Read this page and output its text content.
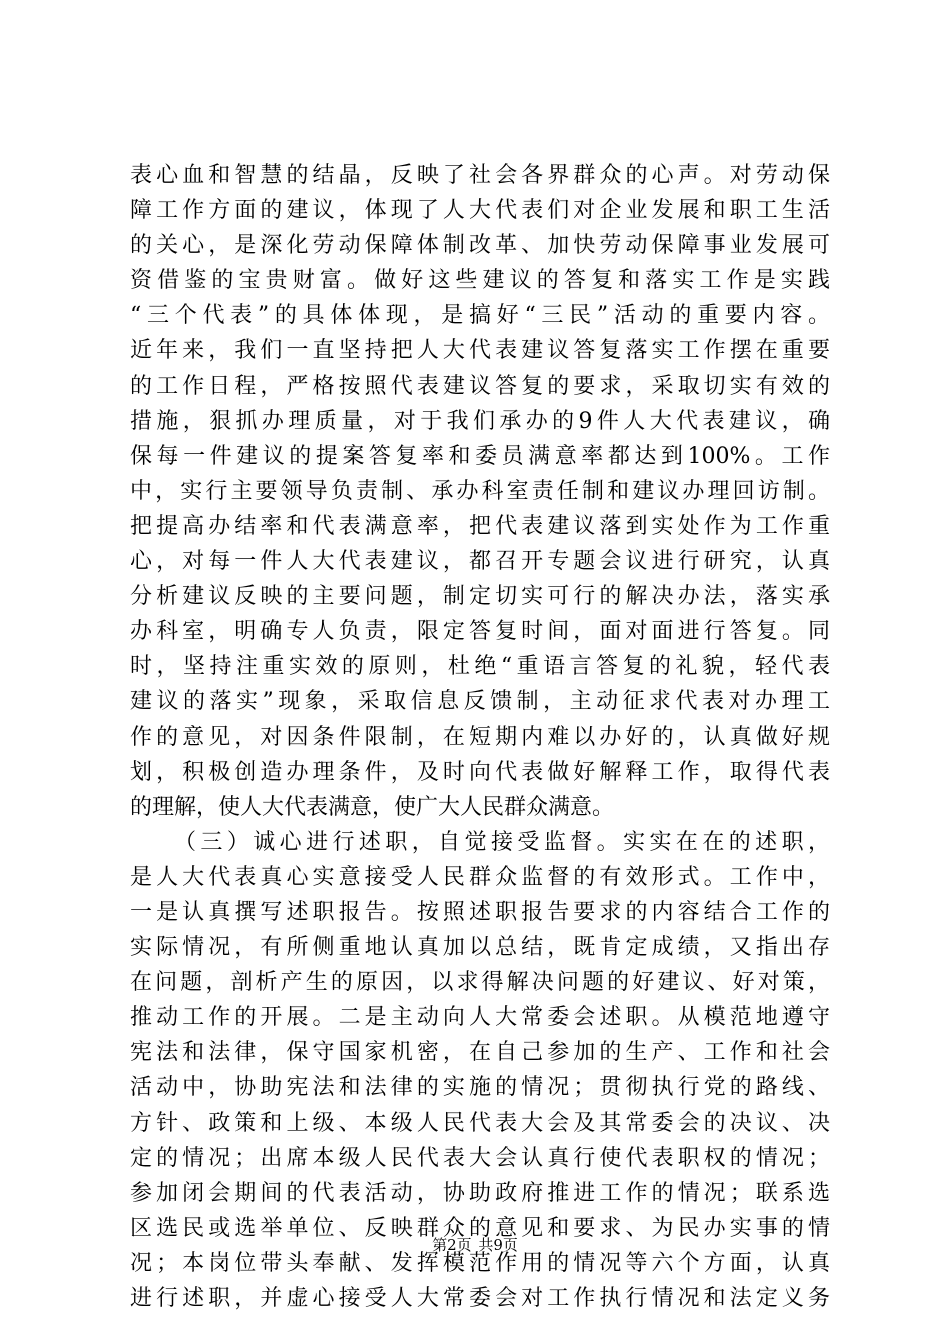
表心血和智慧的结晶，反映了社会各界群众的心声。对劳动保
障工作方面的建议，体现了人大代表们对企业发展和职工生活
的关心，是深化劳动保障体制改革、加快劳动保障事业发展可
资借鉴的宝贵财富。做好这些建议的答复和落实工作是实践
“三个代表”的具体体现，是搞好“三民”活动的重要内容。
近年来，我们一直坚持把人大代表建议答复落实工作摆在重要
的工作日程，严格按照代表建议答复的要求，采取切实有效的
措施，狠抓办理质量，对于我们承办的9件人大代表建议，确
保每一件建议的提案答复率和委员满意率都达到100%。工作
中，实行主要领导负责制、承办科室责任制和建议办理回访制。
把提高办结率和代表满意率，把代表建议落到实处作为工作重
心，对每一件人大代表建议，都召开专题会议进行研究，认真
分析建议反映的主要问题，制定切实可行的解决办法，落实承
办科室，明确专人负责，限定答复时间，面对面进行答复。同
时，坚持注重实效的原则，杜绝“重语言答复的礼貌，轻代表
建议的落实”现象，采取信息反馈制，主动征求代表对办理工
作的意见，对因条件限制，在短期内难以办好的，认真做好规
划，积极创造办理条件，及时向代表做好解释工作，取得代表
的理解，使人大代表满意，使广大人民群众满意。
（三）诚心进行述职，自觉接受监督。实实在在的述职，
是人大代表真心实意接受人民群众监督的有效形式。工作中，
一是认真撰写述职报告。按照述职报告要求的内容结合工作的
实际情况，有所侧重地认真加以总结，既肯定成绩，又指出存
在问题，剖析产生的原因，以求得解决问题的好建议、好对策，
推动工作的开展。二是主动向人大常委会述职。从模范地遵守
宪法和法律，保守国家机密，在自己参加的生产、工作和社会
活动中，协助宪法和法律的实施的情况；贯彻执行党的路线、
方针、政策和上级、本级人民代表大会及其常委会的决议、决
定的情况；出席本级人民代表大会认真行使代表职权的情况；
参加闭会期间的代表活动，协助政府推进工作的情况；联系选
区选民或选举单位、反映群众的意见和要求、为民办实事的情
况；本岗位带头奉献、发挥模范作用的情况等六个方面，认真
进行述职，并虚心接受人大常委会对工作执行情况和法定义务
第2页 共9页
